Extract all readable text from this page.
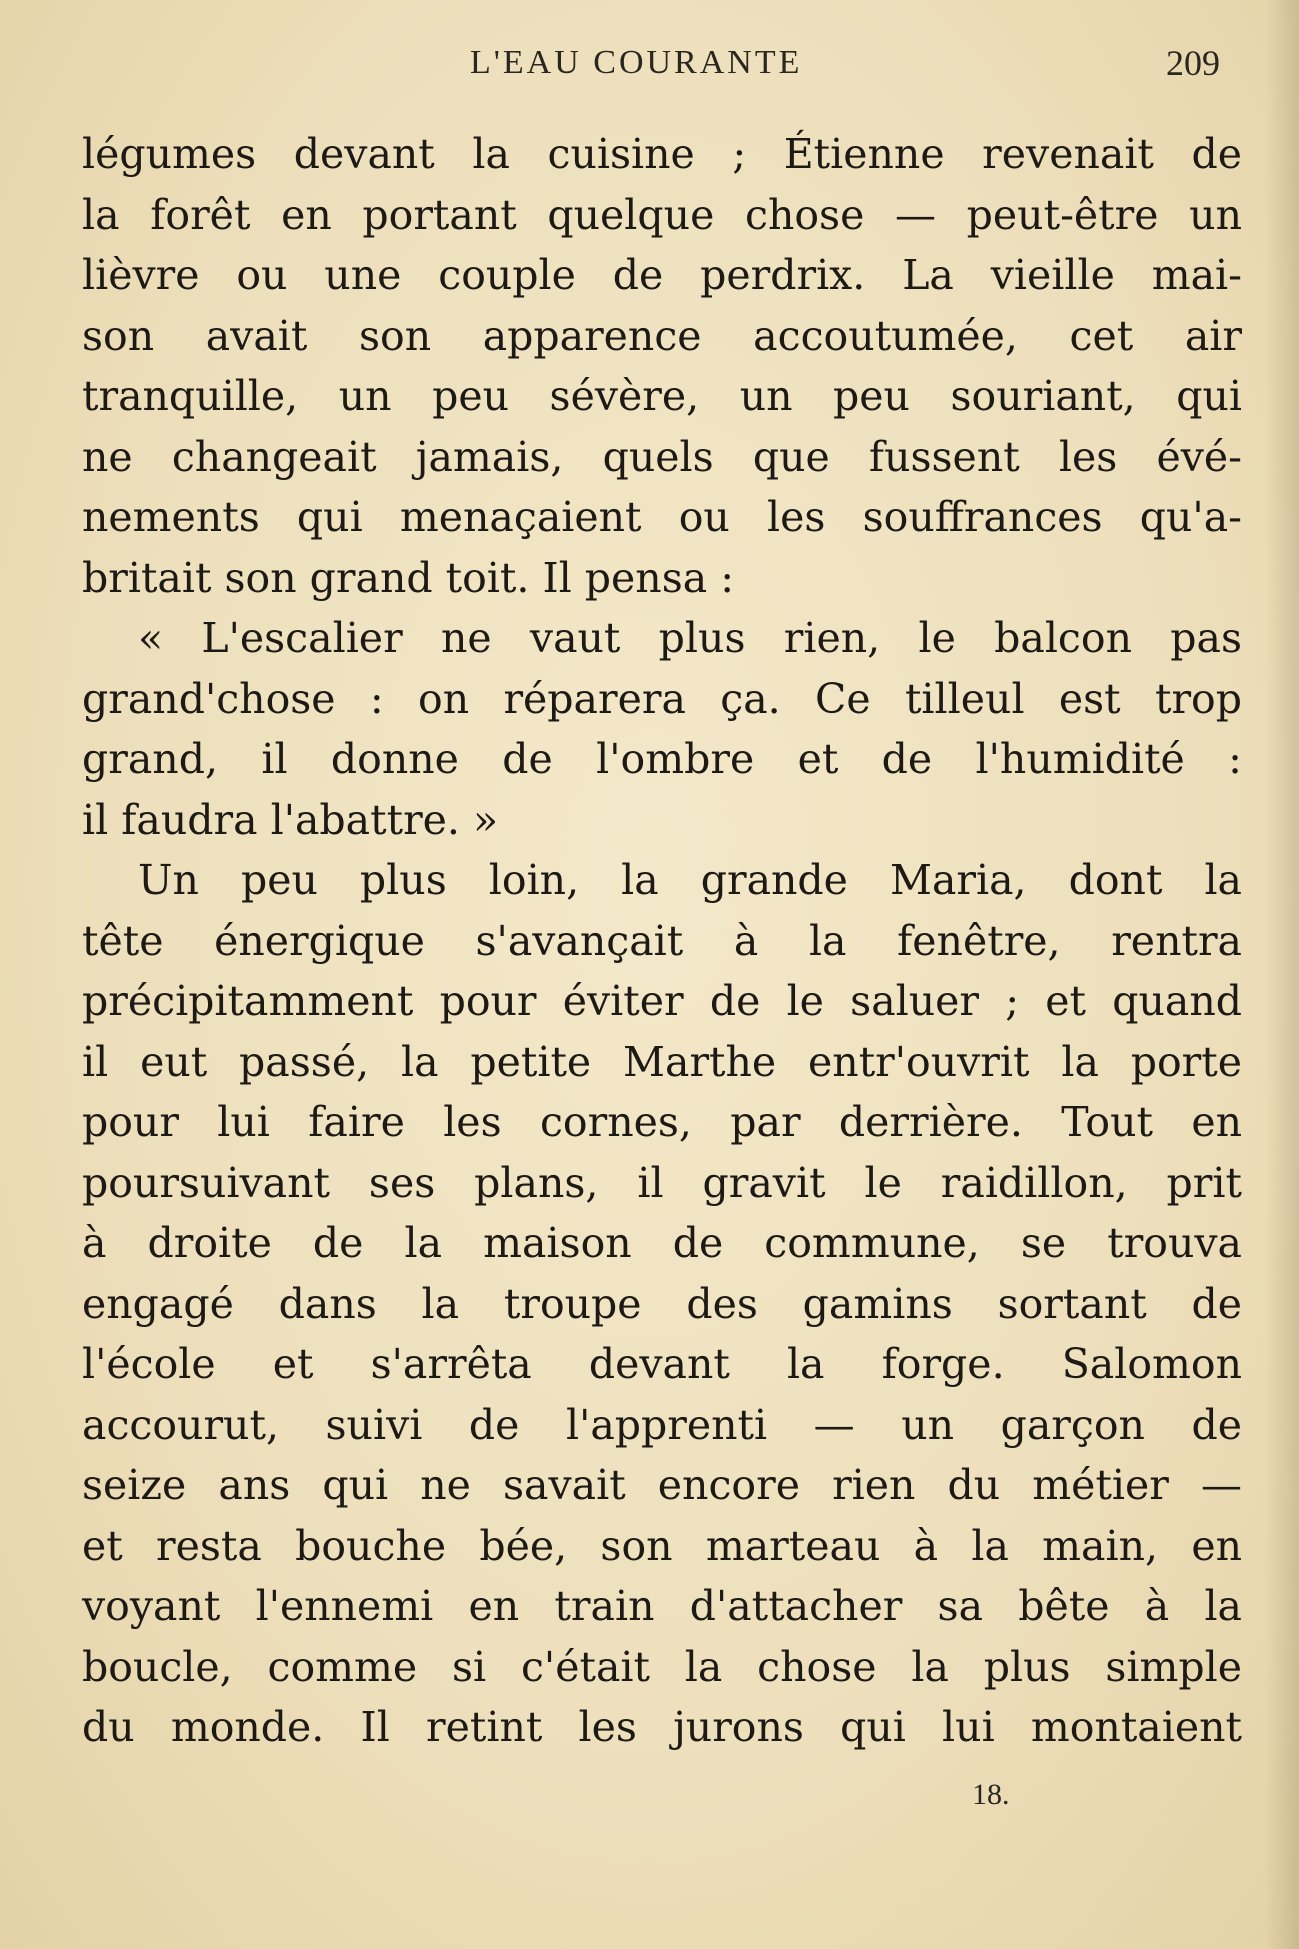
L'EAU COURANTE	209
légumes devant la cuisine ; Étienne revenait de
la forêt en portant quelque chose — peut-être un
lièvre ou une couple de perdrix. La vieille mai-
son avait son apparence accoutumée, cet air
tranquille, un peu sévère, un peu souriant, qui
ne changeait jamais, quels que fussent les évé-
nements qui menaçaient ou les souffrances qu'a-
britait son grand toit. Il pensa :
« L'escalier ne vaut plus rien, le balcon pas
grand'chose : on réparera ça. Ce tilleul est trop
grand, il donne de l'ombre et de l'humidité :
il faudra l'abattre. »
Un peu plus loin, la grande Maria, dont la
tête énergique s'avançait à la fenêtre, rentra
précipitamment pour éviter de le saluer ; et quand
il eut passé, la petite Marthe entr'ouvrit la porte
pour lui faire les cornes, par derrière. Tout en
poursuivant ses plans, il gravit le raidillon, prit
à droite de la maison de commune, se trouva
engagé dans la troupe des gamins sortant de
l'école et s'arrêta devant la forge. Salomon
accourut, suivi de l'apprenti — un garçon de
seize ans qui ne savait encore rien du métier —
et resta bouche bée, son marteau à la main, en
voyant l'ennemi en train d'attacher sa bête à la
boucle, comme si c'était la chose la plus simple
du monde. Il retint les jurons qui lui montaient
18.
